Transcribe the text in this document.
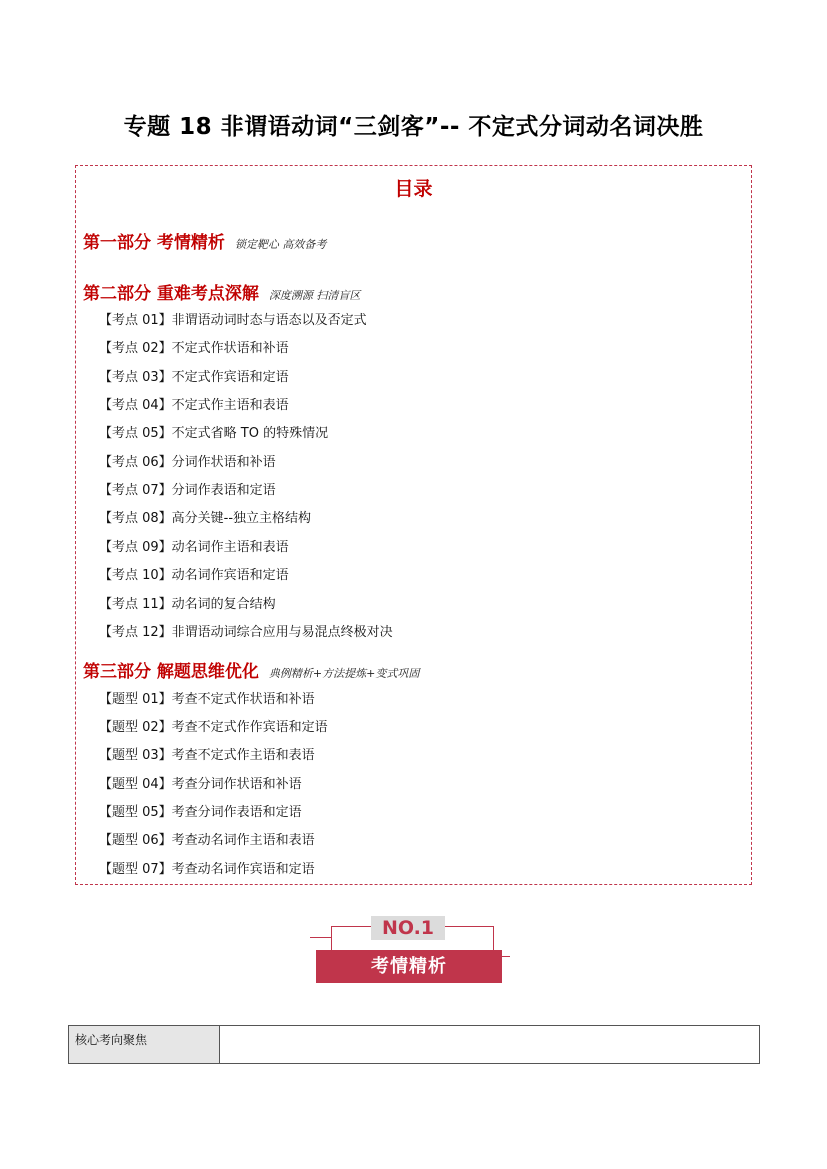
专题 18 非谓语动词“三剑客”-- 不定式分词动名词决胜
目录
第一部分 考情精析 锁定靶心 高效备考
第二部分 重难考点深解 深度溯源 扫清盲区
【考点 01】非谓语动词时态与语态以及否定式
【考点 02】不定式作状语和补语
【考点 03】不定式作宾语和定语
【考点 04】不定式作主语和表语
【考点 05】不定式省略 TO 的特殊情况
【考点 06】分词作状语和补语
【考点 07】分词作表语和定语
【考点 08】高分关键--独立主格结构
【考点 09】动名词作主语和表语
【考点 10】动名词作宾语和定语
【考点 11】动名词的复合结构
【考点 12】非谓语动词综合应用与易混点终极对决
第三部分 解题思维优化 典例精析+方法提炼+变式巩固
【题型 01】考查不定式作状语和补语
【题型 02】考查不定式作作宾语和定语
【题型 03】考查不定式作主语和表语
【题型 04】考查分词作状语和补语
【题型 05】考查分词作表语和定语
【题型 06】考查动名词作主语和表语
【题型 07】考查动名词作宾语和定语
NO.1
考情精析
核心考向聚焦
